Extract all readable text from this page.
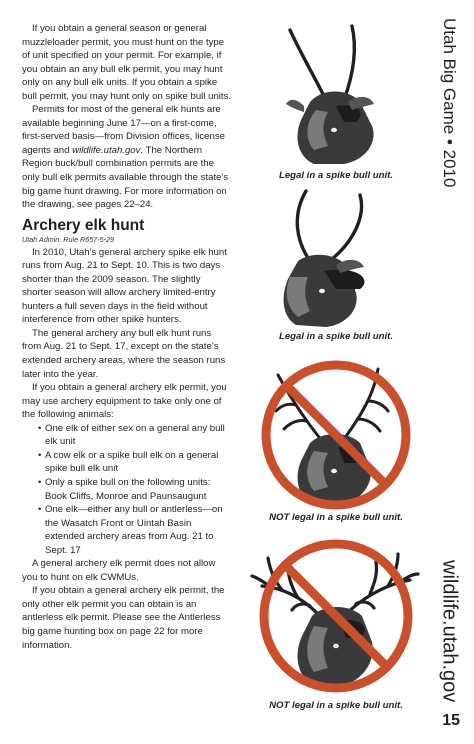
If you obtain a general season or general muzzleloader permit, you must hunt on the type of unit specified on your permit. For example, if you obtain an any bull elk permit, you may hunt only on any bull elk units. If you obtain a spike bull permit, you may hunt only on spike bull units.

Permits for most of the general elk hunts are available beginning June 17—on a first-come, first-served basis—from Division offices, license agents and wildlife.utah.gov. The Northern Region buck/bull combination permits are the only bull elk permits available through the state's big game hunt drawing. For more information on the drawing, see pages 22–24.

Archery elk hunt
Utah Admin. Rule R657-5-29

In 2010, Utah's general archery spike elk hunt runs from Aug. 21 to Sept. 10. This is two days shorter than the 2009 season. The slightly shorter season will allow archery limited-entry hunters a full seven days in the field without interference from other spike hunters.

The general archery any bull elk hunt runs from Aug. 21 to Sept. 17, except on the state's extended archery areas, where the season runs later into the year.

If you obtain a general archery elk permit, you may use archery equipment to take only one of the following animals:

• One elk of either sex on a general any bull elk unit
• A cow elk or a spike bull elk on a general spike bull elk unit
• Only a spike bull on the following units: Book Cliffs, Monroe and Paunsaugunt
• One elk—either any bull or antlerless—on the Wasatch Front or Uintah Basin extended archery areas from Aug. 21 to Sept. 17

A general archery elk permit does not allow you to hunt on elk CWMUs.

If you obtain a general archery elk permit, the only other elk permit you can obtain is an antlerless elk permit. Please see the Antlerless big game hunting box on page 22 for more information.

Legal in a spike bull unit.
Legal in a spike bull unit.
NOT legal in a spike bull unit.
NOT legal in a spike bull unit.
Utah Big Game • 2010
wildlife.utah.gov
15
